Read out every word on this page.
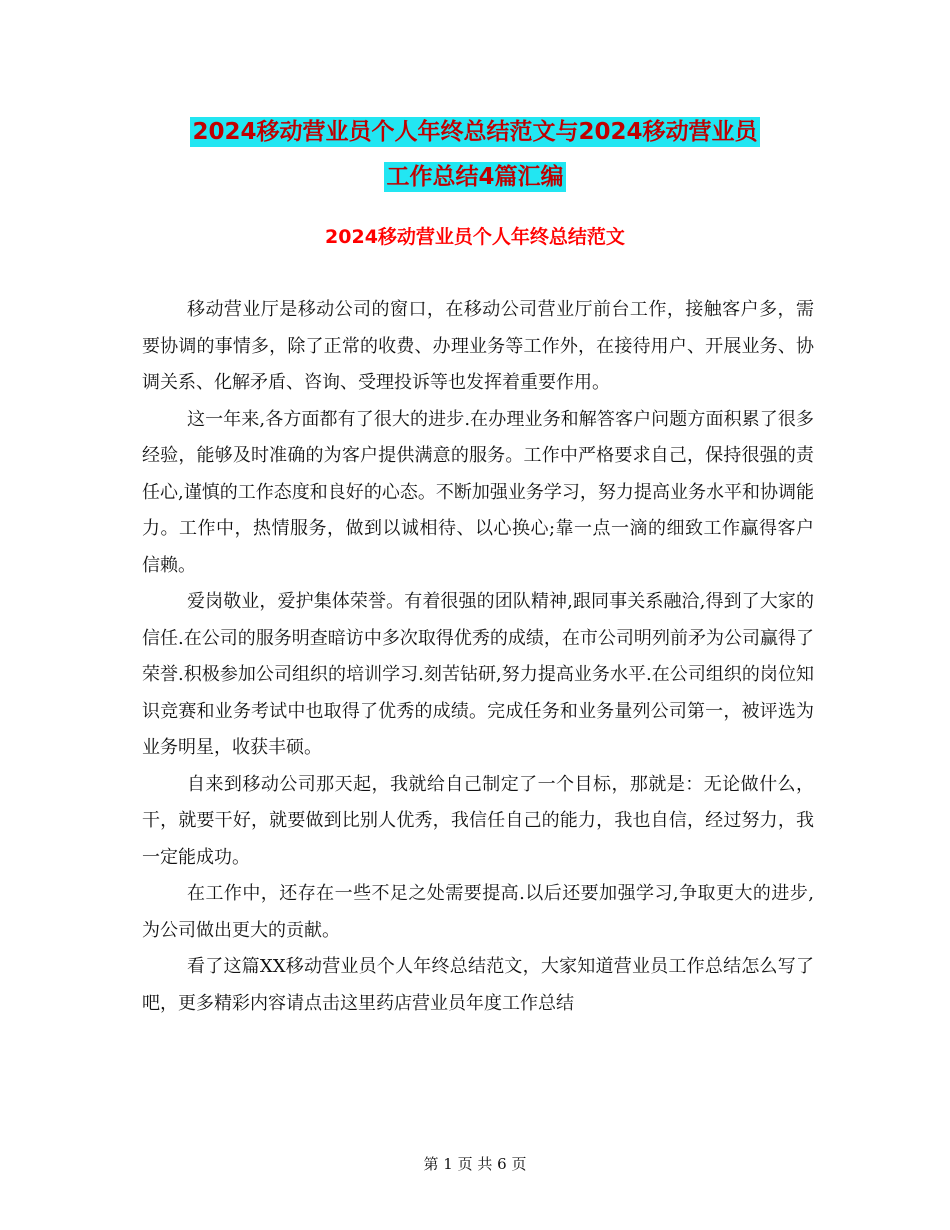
2024移动营业员个人年终总结范文与2024移动营业员
工作总结4篇汇编
2024移动营业员个人年终总结范文

移动营业厅是移动公司的窗口，在移动公司营业厅前台工作，接触客户多，需要协调的事情多，除了正常的收费、办理业务等工作外，在接待用户、开展业务、协调关系、化解矛盾、咨询、受理投诉等也发挥着重要作用。

这一年来,各方面都有了很大的进步.在办理业务和解答客户问题方面积累了很多经验，能够及时准确的为客户提供满意的服务。工作中严格要求自己，保持很强的责任心,谨慎的工作态度和良好的心态。不断加强业务学习，努力提高业务水平和协调能力。工作中，热情服务，做到以诚相待、以心换心;靠一点一滴的细致工作赢得客户信赖。

爱岗敬业，爱护集体荣誉。有着很强的团队精神,跟同事关系融洽,得到了大家的信任.在公司的服务明查暗访中多次取得优秀的成绩，在市公司明列前矛为公司赢得了荣誉.积极参加公司组织的培训学习.刻苦钻研,努力提高业务水平.在公司组织的岗位知识竞赛和业务考试中也取得了优秀的成绩。完成任务和业务量列公司第一，被评选为业务明星，收获丰硕。

自来到移动公司那天起，我就给自己制定了一个目标，那就是：无论做什么，干，就要干好，就要做到比别人优秀，我信任自己的能力，我也自信，经过努力，我一定能成功。

在工作中，还存在一些不足之处需要提高.以后还要加强学习,争取更大的进步,为公司做出更大的贡献。

看了这篇XX移动营业员个人年终总结范文，大家知道营业员工作总结怎么写了吧，更多精彩内容请点击这里药店营业员年度工作总结

第 1 页 共 6 页
